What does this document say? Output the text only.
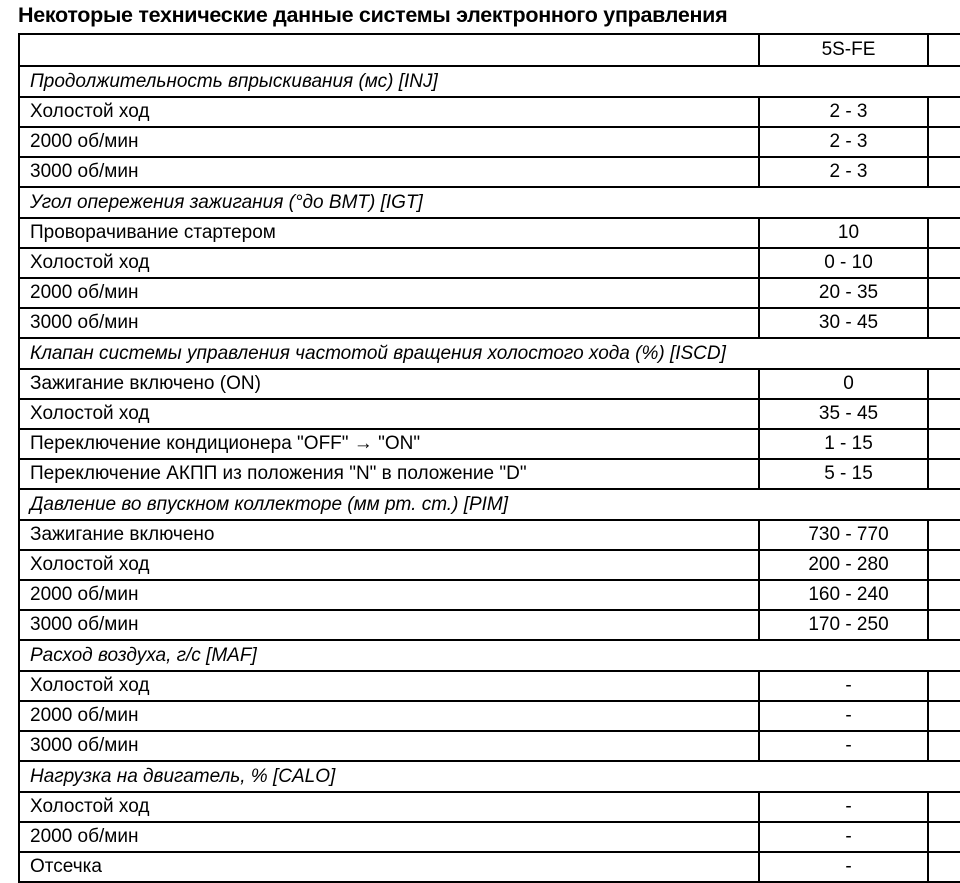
Некоторые технические данные системы электронного управления
	5S-FE	
Продолжительность впрыскивания (мс) [INJ]		
Холостой ход	2 - 3	
2000 об/мин	2 - 3	
3000 об/мин	2 - 3	
Угол опережения зажигания (°до ВМТ) [IGT]		
Проворачивание стартером	10	
Холостой ход	0 - 10	
2000 об/мин	20 - 35	
3000 об/мин	30 - 45	
Клапан системы управления частотой вращения холостого хода (%) [ISCD]		
Зажигание включено (ON)	0	
Холостой ход	35 - 45	
Переключение кондиционера "OFF" → "ON"	1 - 15	
Переключение АКПП из положения "N" в положение "D"	5 - 15	
Давление во впускном коллекторе (мм рт. ст.) [PIM]		
Зажигание включено	730 - 770	
Холостой ход	200 - 280	
2000 об/мин	160 - 240	
3000 об/мин	170 - 250	
Расход воздуха, г/с [MAF]		
Холостой ход	-	
2000 об/мин	-	
3000 об/мин	-	
Нагрузка на двигатель, % [CALO]		
Холостой ход	-	
2000 об/мин	-	
Отсечка	-	
